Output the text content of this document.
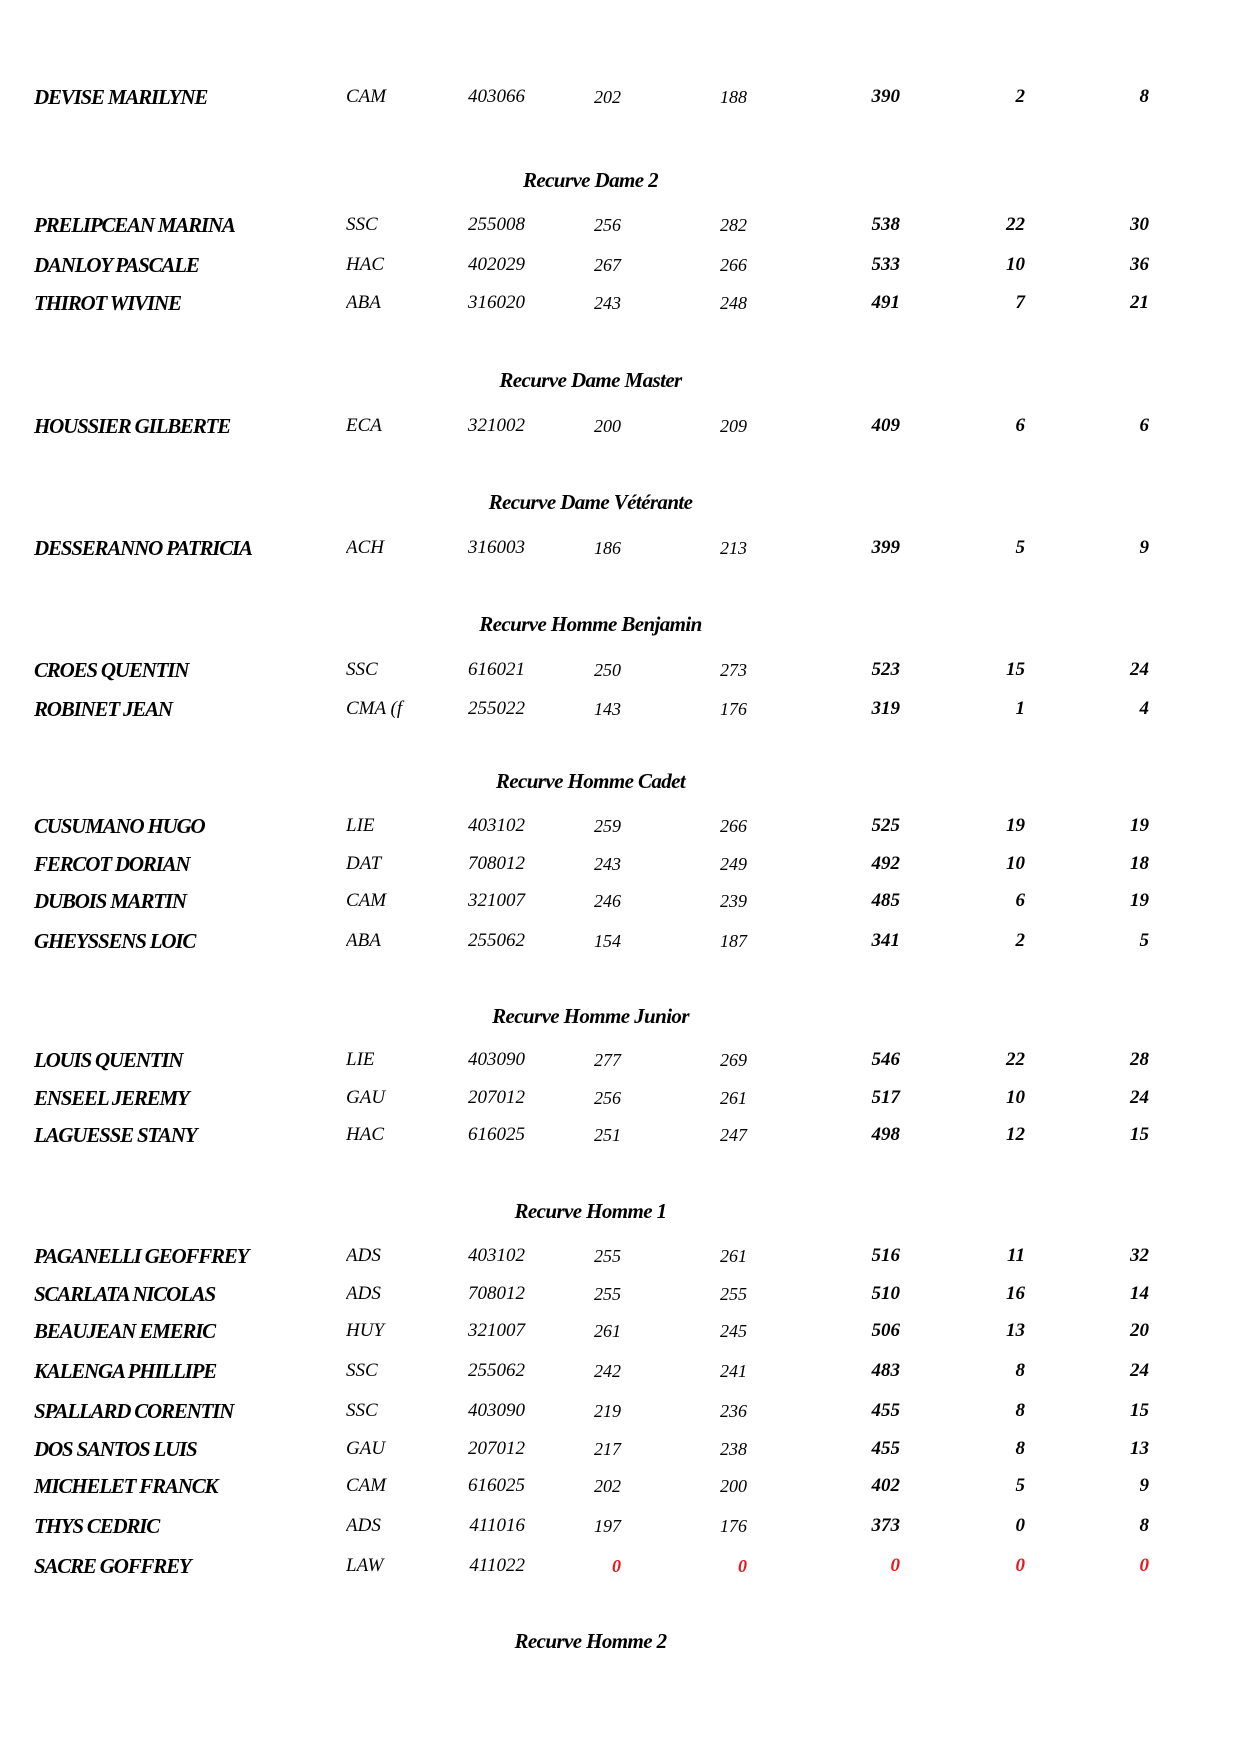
DEVISE MARILYNE	CAM	403066	202	188	390	2	8
Recurve Dame 2
PRELIPCEAN MARINA	SSC	255008	256	282	538	22	30
DANLOY PASCALE	HAC	402029	267	266	533	10	36
THIROT WIVINE	ABA	316020	243	248	491	7	21
Recurve Dame Master
HOUSSIER GILBERTE	ECA	321002	200	209	409	6	6
Recurve Dame Vétérante
DESSERANNO PATRICIA	ACH	316003	186	213	399	5	9
Recurve Homme Benjamin
CROES QUENTIN	SSC	616021	250	273	523	15	24
ROBINET JEAN	CMA (f	255022	143	176	319	1	4
Recurve Homme Cadet
CUSUMANO HUGO	LIE	403102	259	266	525	19	19
FERCOT DORIAN	DAT	708012	243	249	492	10	18
DUBOIS MARTIN	CAM	321007	246	239	485	6	19
GHEYSSENS LOIC	ABA	255062	154	187	341	2	5
Recurve Homme Junior
LOUIS QUENTIN	LIE	403090	277	269	546	22	28
ENSEEL JEREMY	GAU	207012	256	261	517	10	24
LAGUESSE STANY	HAC	616025	251	247	498	12	15
Recurve Homme 1
PAGANELLI GEOFFREY	ADS	403102	255	261	516	11	32
SCARLATA NICOLAS	ADS	708012	255	255	510	16	14
BEAUJEAN EMERIC	HUY	321007	261	245	506	13	20
KALENGA PHILLIPE	SSC	255062	242	241	483	8	24
SPALLARD CORENTIN	SSC	403090	219	236	455	8	15
DOS SANTOS LUIS	GAU	207012	217	238	455	8	13
MICHELET FRANCK	CAM	616025	202	200	402	5	9
THYS CEDRIC	ADS	411016	197	176	373	0	8
SACRE GOFFREY	LAW	411022	0	0	0	0	0
Recurve Homme 2
